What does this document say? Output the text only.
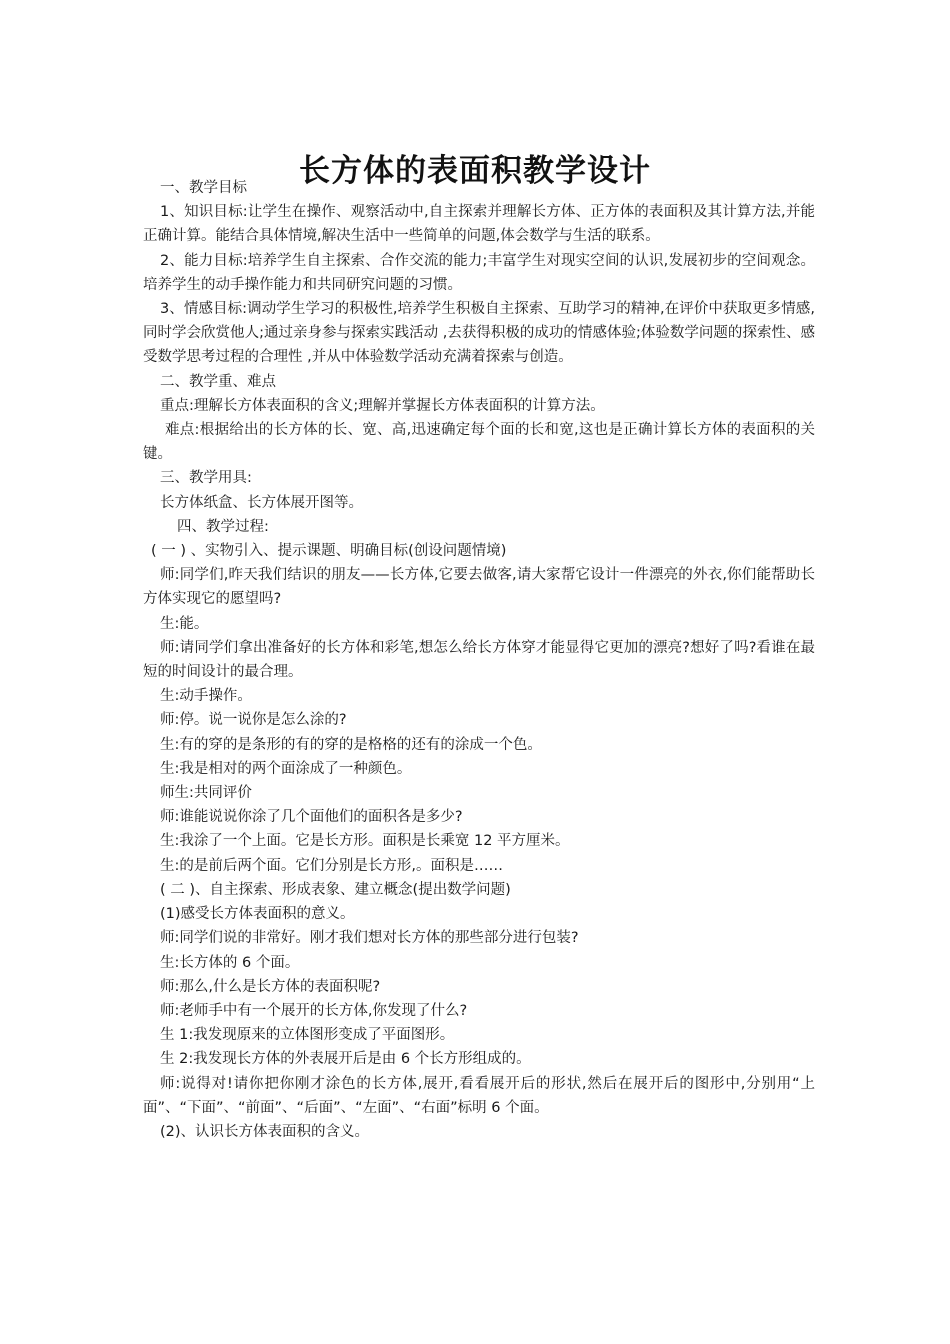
长方体的表面积教学设计

一、教学目标

1、知识目标:让学生在操作、观察活动中,自主探索并理解长方体、正方体的表面积及其计算方法,并能正确计算。能结合具体情境,解决生活中一些简单的问题,体会数学与生活的联系。

2、能力目标:培养学生自主探索、合作交流的能力;丰富学生对现实空间的认识,发展初步的空间观念。培养学生的动手操作能力和共同研究问题的习惯。

3、情感目标:调动学生学习的积极性,培养学生积极自主探索、互助学习的精神,在评价中获取更多情感,同时学会欣赏他人;通过亲身参与探索实践活动 ,去获得积极的成功的情感体验;体验数学问题的探索性、感受数学思考过程的合理性 ,并从中体验数学活动充满着探索与创造。

二、教学重、难点

重点:理解长方体表面积的含义;理解并掌握长方体表面积的计算方法。

难点:根据给出的长方体的长、宽、高,迅速确定每个面的长和宽,这也是正确计算长方体的表面积的关键。

三、教学用具:

长方体纸盒、长方体展开图等。

四、教学过程:

( 一 ) 、实物引入、提示课题、明确目标(创设问题情境)

师:同学们,昨天我们结识的朋友——长方体,它要去做客,请大家帮它设计一件漂亮的外衣,你们能帮助长方体实现它的愿望吗?

生:能。

师:请同学们拿出准备好的长方体和彩笔,想怎么给长方体穿才能显得它更加的漂亮?想好了吗?看谁在最短的时间设计的最合理。

生:动手操作。

师:停。说一说你是怎么涂的?

生:有的穿的是条形的有的穿的是格格的还有的涂成一个色。

生:我是相对的两个面涂成了一种颜色。

师生:共同评价

师:谁能说说你涂了几个面他们的面积各是多少?

生:我涂了一个上面。它是长方形。面积是长乘宽 12 平方厘米。

生:的是前后两个面。它们分别是长方形,。面积是……

( 二 )、自主探索、形成表象、建立概念(提出数学问题)

(1)感受长方体表面积的意义。

师:同学们说的非常好。刚才我们想对长方体的那些部分进行包装?

生:长方体的 6 个面。

师:那么,什么是长方体的表面积呢?

师:老师手中有一个展开的长方体,你发现了什么?

生 1:我发现原来的立体图形变成了平面图形。

生 2:我发现长方体的外表展开后是由 6 个长方形组成的。

师:说得对!请你把你刚才涂色的长方体,展开,看看展开后的形状,然后在展开后的图形中,分别用“上面”、“下面”、“前面”、“后面”、“左面”、“右面”标明 6 个面。

(2)、认识长方体表面积的含义。
